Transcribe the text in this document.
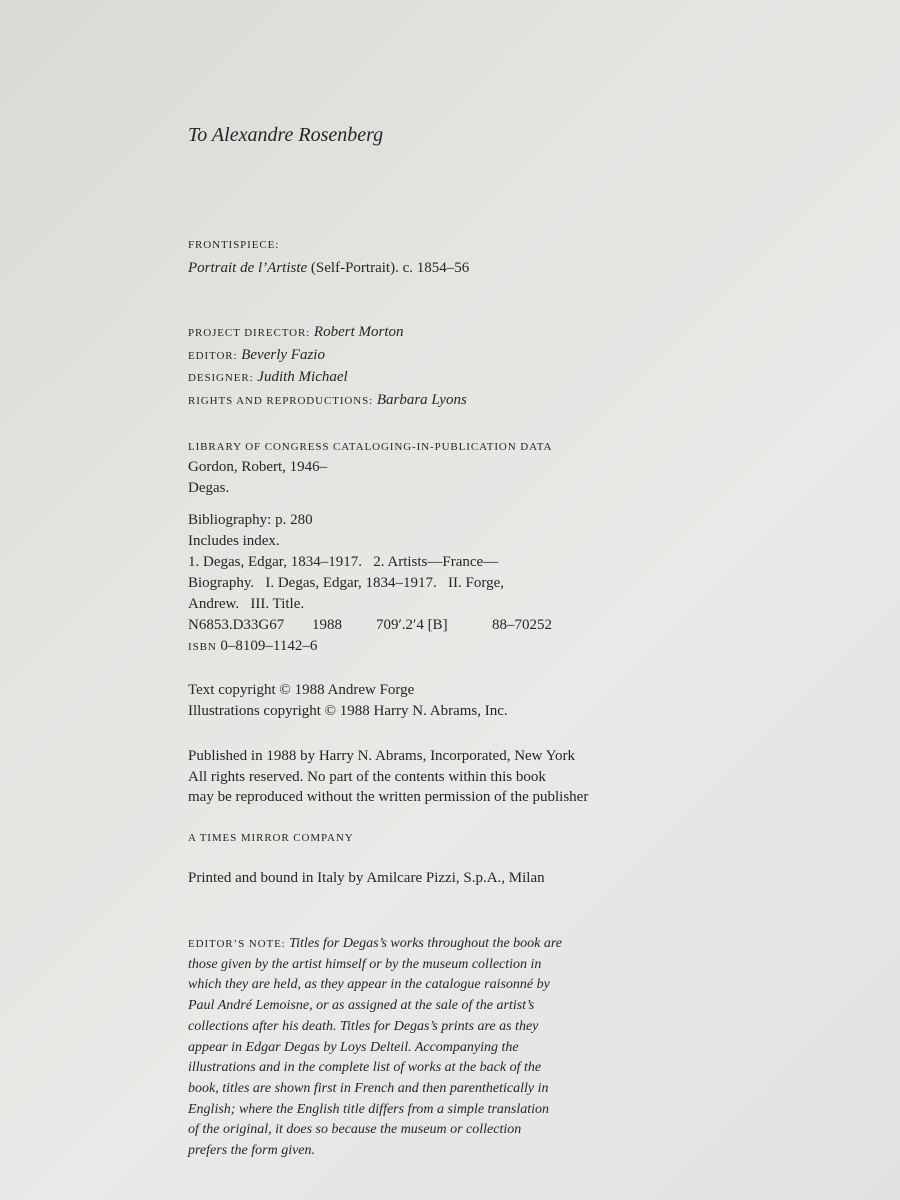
To Alexandre Rosenberg
FRONTISPIECE:
Portrait de l’Artiste (Self-Portrait). c. 1854–56
PROJECT DIRECTOR: Robert Morton
EDITOR: Beverly Fazio
DESIGNER: Judith Michael
RIGHTS AND REPRODUCTIONS: Barbara Lyons
LIBRARY OF CONGRESS CATALOGING-IN-PUBLICATION DATA
Gordon, Robert, 1946–
Degas.
Bibliography: p. 280
Includes index.
1. Degas, Edgar, 1834–1917.   2. Artists—France—
Biography.   I. Degas, Edgar, 1834–1917.   II. Forge,
Andrew.   III. Title.
N6853.D33G67	1988	709′.2′4 [B]	88–70252
ISBN 0–8109–1142–6
Text copyright © 1988 Andrew Forge
Illustrations copyright © 1988 Harry N. Abrams, Inc.
Published in 1988 by Harry N. Abrams, Incorporated, New York
All rights reserved. No part of the contents within this book
may be reproduced without the written permission of the publisher
A TIMES MIRROR COMPANY
Printed and bound in Italy by Amilcare Pizzi, S.p.A., Milan
EDITOR’S NOTE: Titles for Degas’s works throughout the book are
those given by the artist himself or by the museum collection in
which they are held, as they appear in the catalogue raisonné by
Paul André Lemoisne, or as assigned at the sale of the artist’s
collections after his death. Titles for Degas’s prints are as they
appear in Edgar Degas by Loys Delteil. Accompanying the
illustrations and in the complete list of works at the back of the
book, titles are shown first in French and then parenthetically in
English; where the English title differs from a simple translation
of the original, it does so because the museum or collection
prefers the form given.
